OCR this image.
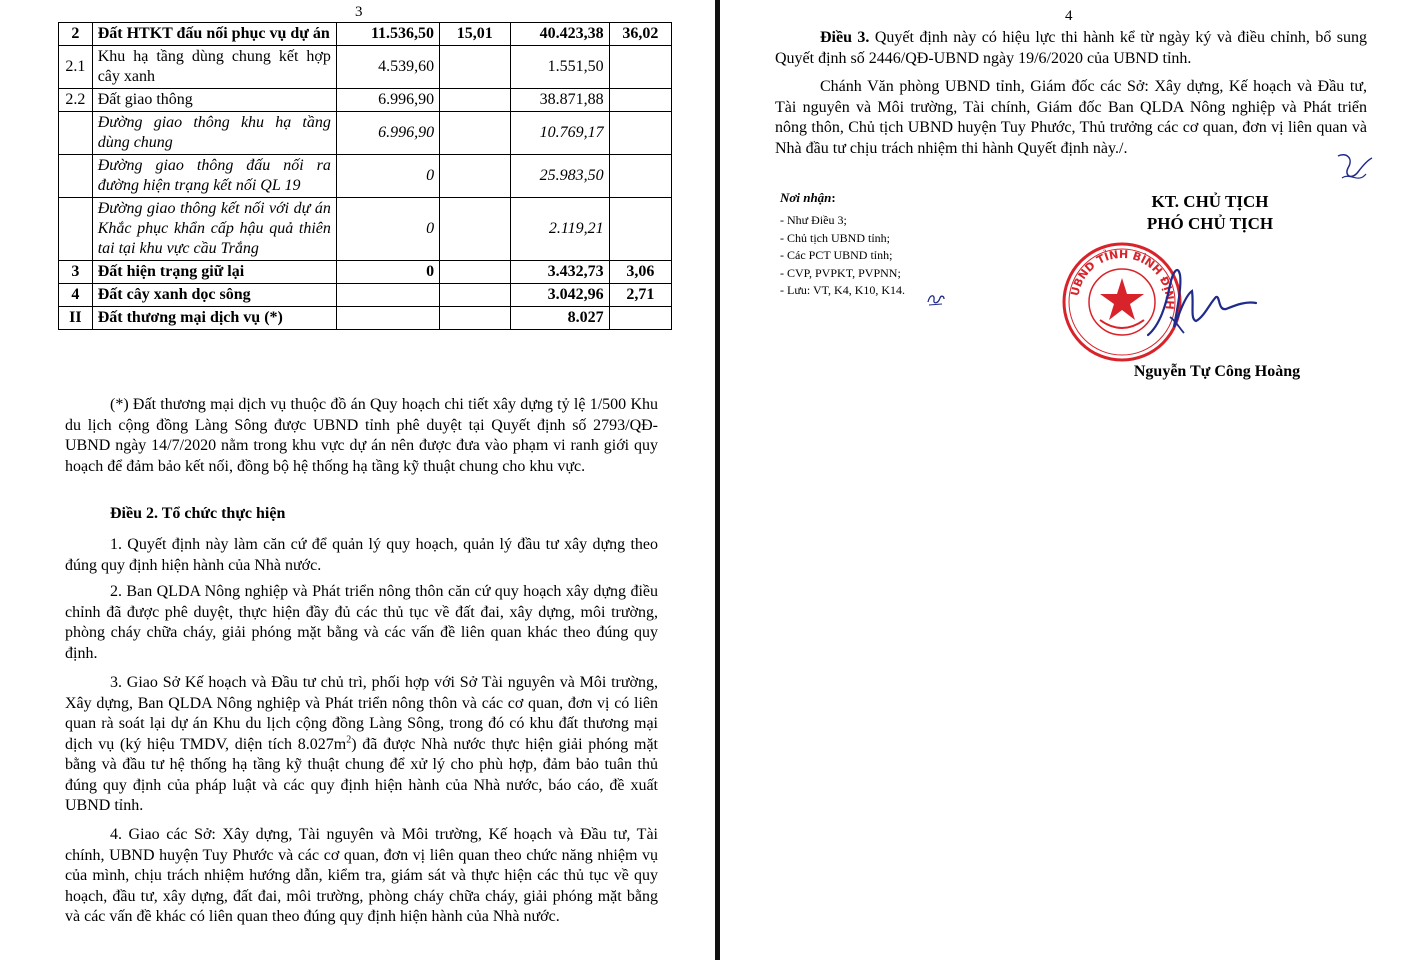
3
2	Đất HTKT đấu nối phục vụ dự án	11.536,50	15,01	40.423,38	36,02
2.1	Khu hạ tầng dùng chung kết hợp cây xanh	4.539,60		1.551,50	
2.2	Đất giao thông	6.996,90		38.871,88	
	Đường giao thông khu hạ tầng dùng chung	6.996,90		10.769,17	
	Đường giao thông đấu nối ra đường hiện trạng kết nối QL 19	0		25.983,50	
	Đường giao thông kết nối với dự án Khắc phục khẩn cấp hậu quả thiên tai tại khu vực cầu Trắng	0		2.119,21	
3	Đất hiện trạng giữ lại	0		3.432,73	3,06
4	Đất cây xanh dọc sông			3.042,96	2,71
II	Đất thương mại dịch vụ (*)			8.027	

(*) Đất thương mại dịch vụ thuộc đồ án Quy hoạch chi tiết xây dựng tỷ lệ 1/500 Khu du lịch cộng đồng Làng Sông được UBND tỉnh phê duyệt tại Quyết định số 2793/QĐ-UBND ngày 14/7/2020 nằm trong khu vực dự án nên được đưa vào phạm vi ranh giới quy hoạch để đảm bảo kết nối, đồng bộ hệ thống hạ tầng kỹ thuật chung cho khu vực.

Điều 2. Tổ chức thực hiện

1. Quyết định này làm căn cứ để quản lý quy hoạch, quản lý đầu tư xây dựng theo đúng quy định hiện hành của Nhà nước.

2. Ban QLDA Nông nghiệp và Phát triển nông thôn căn cứ quy hoạch xây dựng điều chỉnh đã được phê duyệt, thực hiện đầy đủ các thủ tục về đất đai, xây dựng, môi trường, phòng cháy chữa cháy, giải phóng mặt bằng và các vấn đề liên quan khác theo đúng quy định.

3. Giao Sở Kế hoạch và Đầu tư chủ trì, phối hợp với Sở Tài nguyên và Môi trường, Xây dựng, Ban QLDA Nông nghiệp và Phát triển nông thôn và các cơ quan, đơn vị có liên quan rà soát lại dự án Khu du lịch cộng đồng Làng Sông, trong đó có khu đất thương mại dịch vụ (ký hiệu TMDV, diện tích $8.027m^2$) đã được Nhà nước thực hiện giải phóng mặt bằng và đầu tư hệ thống hạ tầng kỹ thuật chung để xử lý cho phù hợp, đảm bảo tuân thủ đúng quy định của pháp luật và các quy định hiện hành của Nhà nước, báo cáo, đề xuất UBND tỉnh.

4. Giao các Sở: Xây dựng, Tài nguyên và Môi trường, Kế hoạch và Đầu tư, Tài chính, UBND huyện Tuy Phước và các cơ quan, đơn vị liên quan theo chức năng nhiệm vụ của mình, chịu trách nhiệm hướng dẫn, kiểm tra, giám sát và thực hiện các thủ tục về quy hoạch, đầu tư, xây dựng, đất đai, môi trường, phòng cháy chữa cháy, giải phóng mặt bằng và các vấn đề khác có liên quan theo đúng quy định hiện hành của Nhà nước.

4

Điều 3. Quyết định này có hiệu lực thi hành kể từ ngày ký và điều chỉnh, bổ sung Quyết định số 2446/QĐ-UBND ngày 19/6/2020 của UBND tỉnh.

Chánh Văn phòng UBND tỉnh, Giám đốc các Sở: Xây dựng, Kế hoạch và Đầu tư, Tài nguyên và Môi trường, Tài chính, Giám đốc Ban QLDA Nông nghiệp và Phát triển nông thôn, Chủ tịch UBND huyện Tuy Phước, Thủ trưởng các cơ quan, đơn vị liên quan và Nhà đầu tư chịu trách nhiệm thi hành Quyết định này./.

Nơi nhận:
- Như Điều 3;
- Chủ tịch UBND tỉnh;
- Các PCT UBND tỉnh;
- CVP, PVPKT, PVPNN;
- Lưu: VT, K4, K10, K14.
KT. CHỦ TỊCH
PHÓ CHỦ TỊCH
UBND TỈNH BÌNH ĐỊNH
Nguyễn Tự Công Hoàng
